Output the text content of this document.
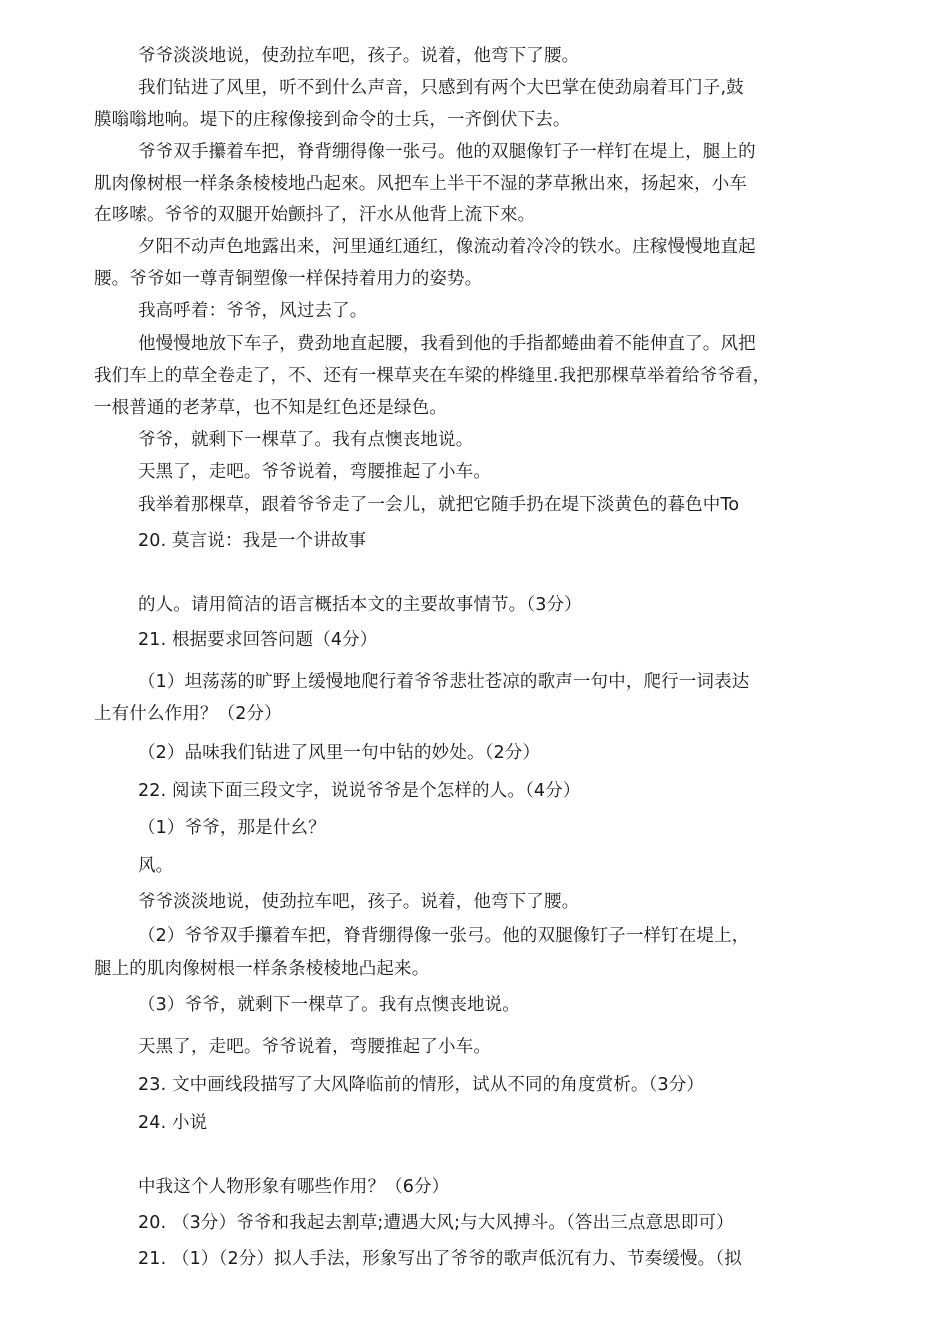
爷爷淡淡地说，使劲拉车吧，孩子。说着，他弯下了腰。
我们钻进了风里，听不到什么声音，只感到有两个大巴掌在使劲扇着耳门子,鼓
膜嗡嗡地响。堤下的庄稼像接到命令的士兵，一齐倒伏下去。
爷爷双手攥着车把，脊背绷得像一张弓。他的双腿像钉子一样钉在堤上，腿上的
肌肉像树根一样条条棱棱地凸起來。风把车上半干不湿的茅草揪出來，扬起來，小车
在哆嗦。爷爷的双腿开始颤抖了，汗水从他背上流下來。
夕阳不动声色地露出来，河里通红通红，像流动着冷冷的铁水。庄稼慢慢地直起
腰。爷爷如一尊青铜塑像一样保持着用力的姿势。
我高呼着：爷爷，风过去了。
他慢慢地放下车子，费劲地直起腰，我看到他的手指都蜷曲着不能伸直了。风把
我们车上的草全卷走了，不、还有一棵草夹在车梁的桦缝里.我把那棵草举着给爷爷看，
一根普通的老茅草，也不知是红色还是绿色。
爷爷，就剩下一棵草了。我有点懊丧地说。
天黑了，走吧。爷爷说着，弯腰推起了小车。
我举着那棵草，跟着爷爷走了一会儿，就把它随手扔在堤下淡黄色的暮色中To
20. 莫言说：我是一个讲故事
的人。请用简洁的语言概括本文的主要故事情节。（3分）
21. 根据要求回答问题（4分）
（1）坦荡荡的旷野上缓慢地爬行着爷爷悲壮苍凉的歌声一句中，爬行一词表达
上有什么作用？（2分）
（2）品味我们钻进了风里一句中钻的妙处。（2分）
22. 阅读下面三段文字，说说爷爷是个怎样的人。（4分）
（1）爷爷，那是什幺？
风。
爷爷淡淡地说，使劲拉车吧，孩子。说着，他弯下了腰。
（2）爷爷双手攥着车把，脊背绷得像一张弓。他的双腿像钉子一样钉在堤上，
腿上的肌肉像树根一样条条棱棱地凸起来。
（3）爷爷，就剩下一棵草了。我有点懊丧地说。
天黑了，走吧。爷爷说着，弯腰推起了小车。
23. 文中画线段描写了大风降临前的情形，试从不同的角度赏析。（3分）
24. 小说
中我这个人物形象有哪些作用？（6分）
20. （3分）爷爷和我起去割草;遭遇大风;与大风搏斗。（答出三点意思即可）
21. （1）（2分）拟人手法，形象写出了爷爷的歌声低沉有力、节奏缓慢。（拟
